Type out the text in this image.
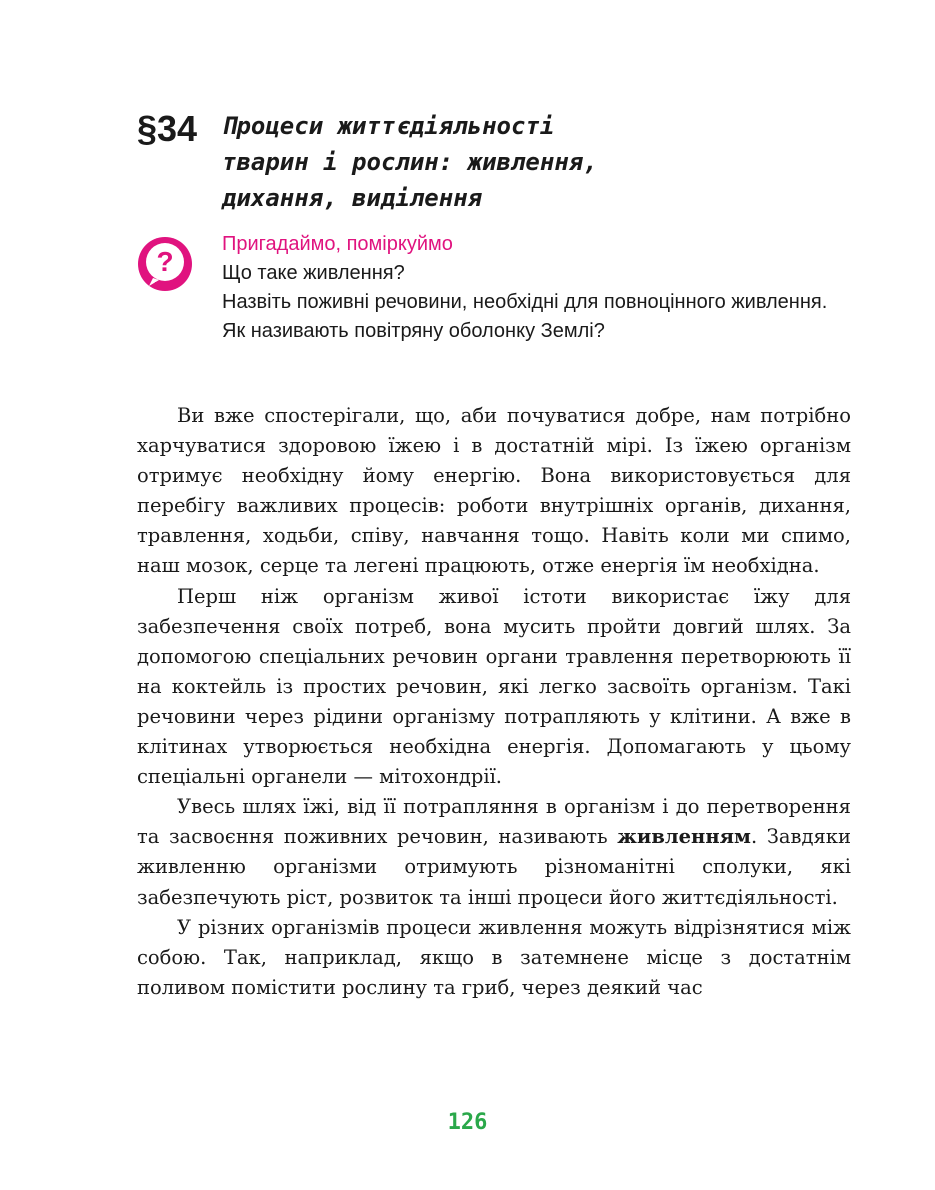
§34 Процеси життєдіяльності
тварин і рослин: живлення,
дихання, виділення
?
Пригадаймо, поміркуймо
Що таке живлення?
Назвіть поживні речовини, необхідні для повноцінного живлення.
Як називають повітряну оболонку Землі?

Ви вже спостерігали, що, аби почуватися добре, нам потрібно харчуватися здоровою їжею і в достатній мірі. Із їжею організм отримує необхідну йому енергію. Вона використовується для перебігу важливих процесів: роботи внутрішніх органів, дихання, травлення, ходьби, співу, навчання тощо. Навіть коли ми спимо, наш мозок, серце та легені працюють, отже енергія їм необхідна.

Перш ніж організм живої істоти використає їжу для забезпечення своїх потреб, вона мусить пройти довгий шлях. За допомогою спеціальних речовин органи травлення перетворюють її на коктейль із простих речовин, які легко засвоїть організм. Такі речовини через рідини організму потрапляють у клітини. А вже в клітинах утворюється необхідна енергія. Допомагають у цьому спеціальні органели — мітохондрії.

Увесь шлях їжі, від її потрапляння в організм і до перетворення та засвоєння поживних речовин, називають живленням. Завдяки живленню організми отримують різноманітні сполуки, які забезпечують ріст, розвиток та інші процеси його життєдіяльності.

У різних організмів процеси живлення можуть відрізнятися між собою. Так, наприклад, якщо в затемнене місце з достатнім поливом помістити рослину та гриб, через деякий час

126
